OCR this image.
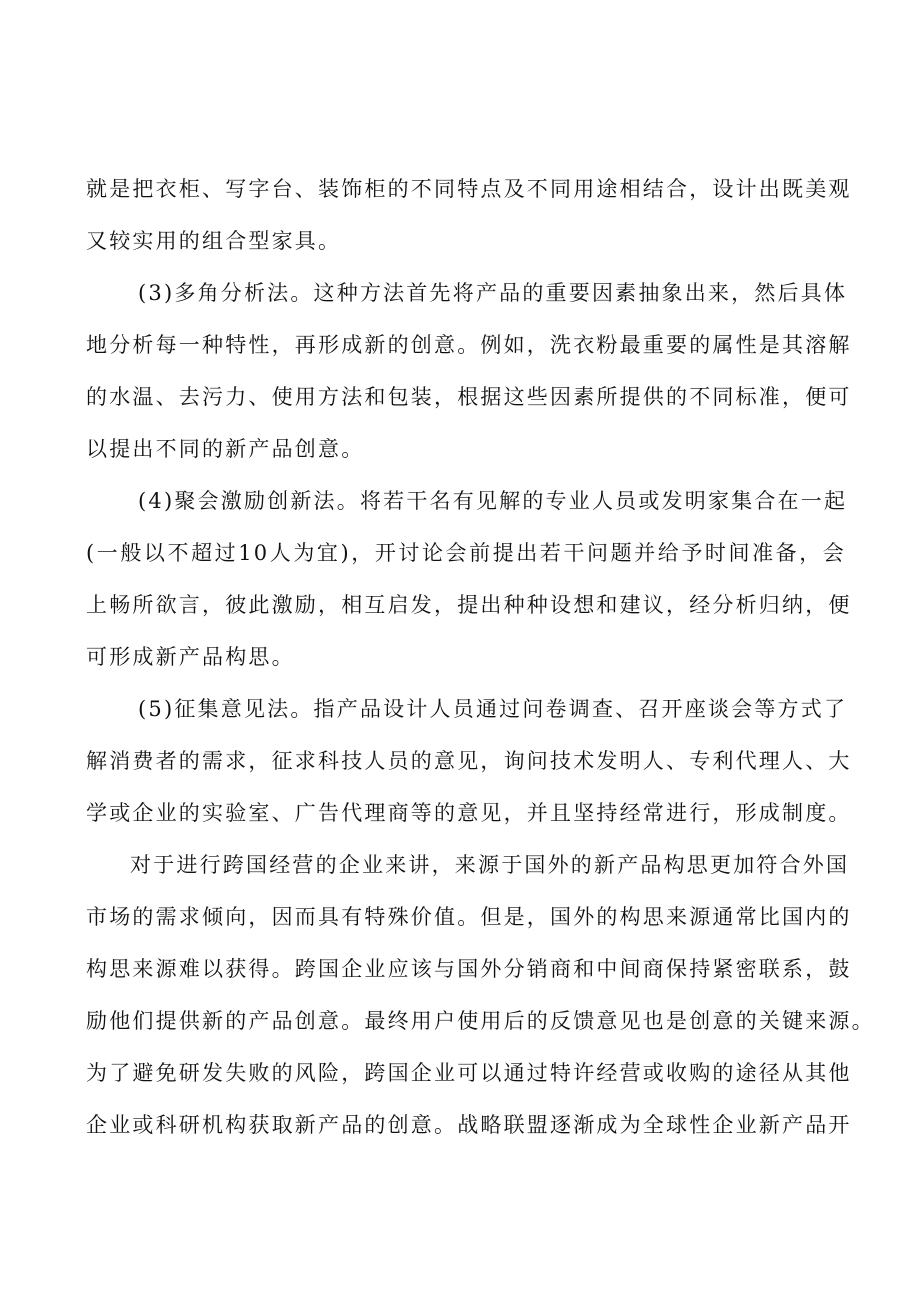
就是把衣柜、写字台、装饰柜的不同特点及不同用途相结合，设计出既美观
又较实用的组合型家具。
(3)多角分析法。这种方法首先将产品的重要因素抽象出来，然后具体
地分析每一种特性，再形成新的创意。例如，洗衣粉最重要的属性是其溶解
的水温、去污力、使用方法和包装，根据这些因素所提供的不同标准，便可
以提出不同的新产品创意。
(4)聚会激励创新法。将若干名有见解的专业人员或发明家集合在一起
(一般以不超过10人为宜)，开讨论会前提出若干问题并给予时间准备，会
上畅所欲言，彼此激励，相互启发，提出种种设想和建议，经分析归纳，便
可形成新产品构思。
(5)征集意见法。指产品设计人员通过问卷调查、召开座谈会等方式了
解消费者的需求，征求科技人员的意见，询问技术发明人、专利代理人、大
学或企业的实验室、广告代理商等的意见，并且坚持经常进行，形成制度。
对于进行跨国经营的企业来讲，来源于国外的新产品构思更加符合外国
市场的需求倾向，因而具有特殊价值。但是，国外的构思来源通常比国内的
构思来源难以获得。跨国企业应该与国外分销商和中间商保持紧密联系，鼓
励他们提供新的产品创意。最终用户使用后的反馈意见也是创意的关键来源。
为了避免研发失败的风险，跨国企业可以通过特许经营或收购的途径从其他
企业或科研机构获取新产品的创意。战略联盟逐渐成为全球性企业新产品开
